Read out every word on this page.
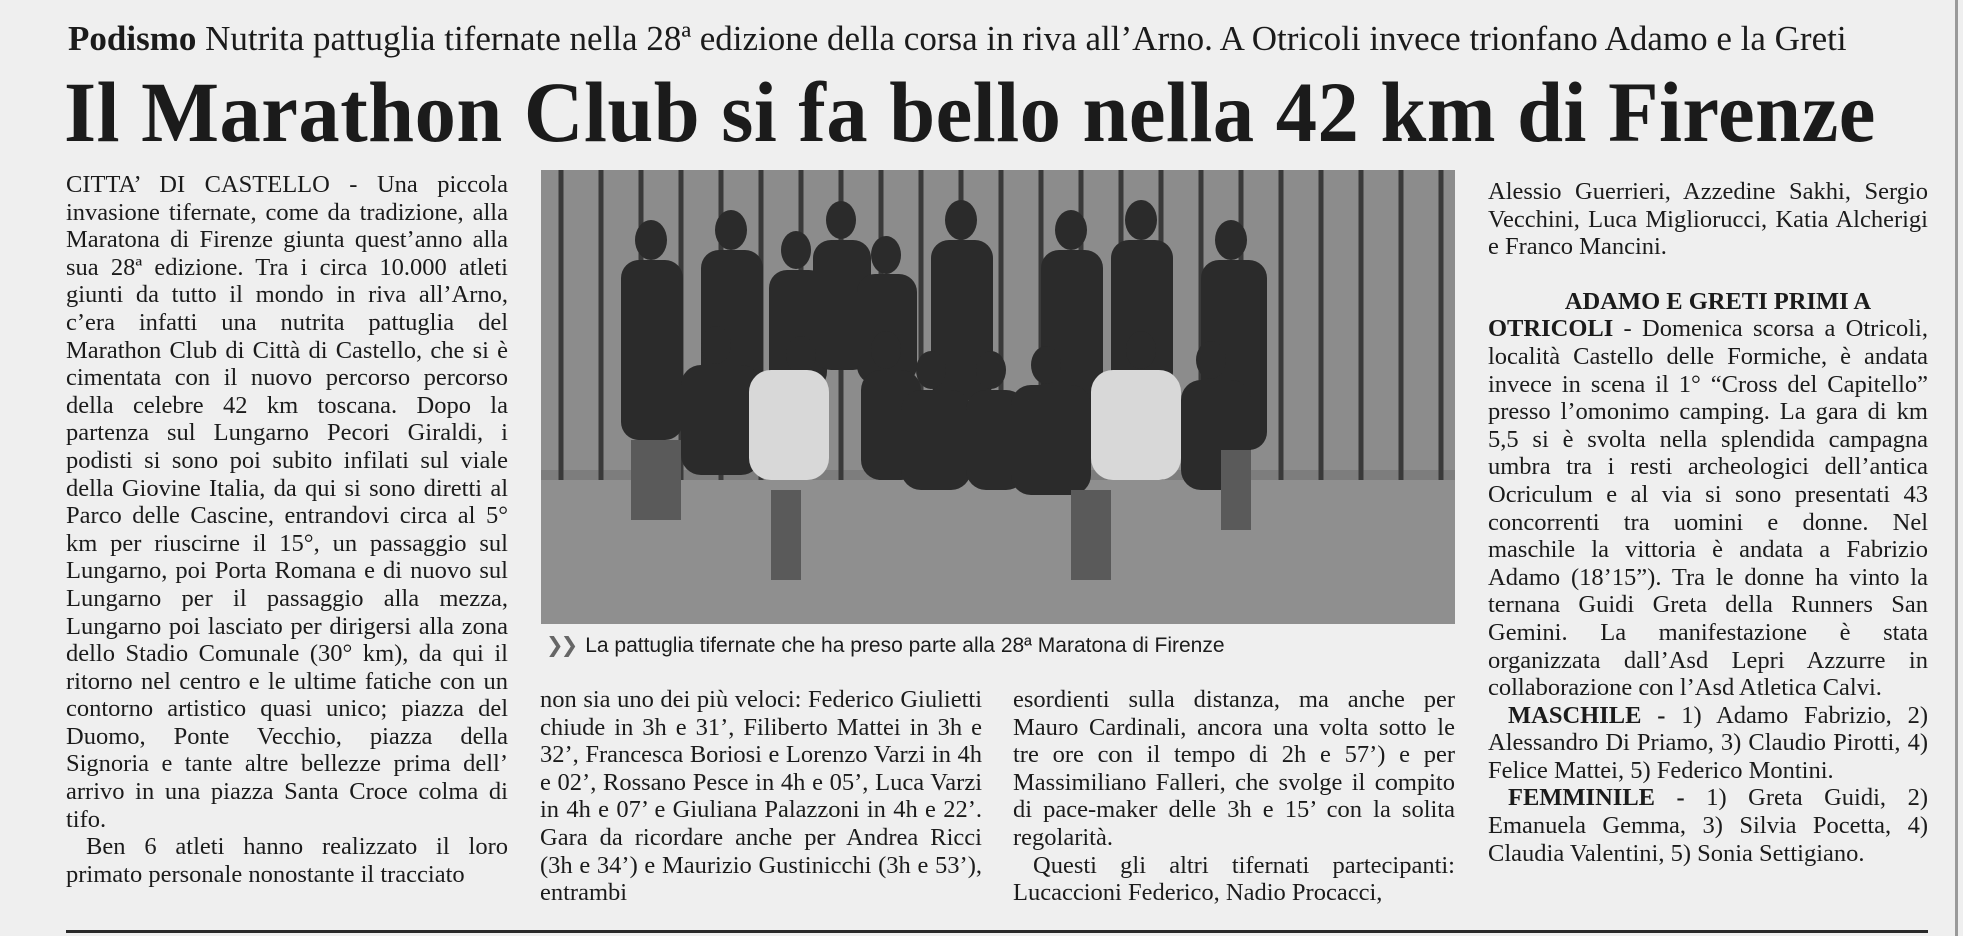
Podismo Nutrita pattuglia tifernate nella 28ª edizione della corsa in riva all’Arno. A Otricoli invece trionfano Adamo e la Greti
Il Marathon Club si fa bello nella 42 km di Firenze

CITTA’ DI CASTELLO - Una piccola invasione tifernate, come da tradizione, alla Maratona di Firenze giunta quest’anno alla sua 28ª edizione. Tra i circa 10.000 atleti giunti da tutto il mondo in riva all’Arno, c’era infatti una nutrita pattuglia del Marathon Club di Città di Castello, che si è cimentata con il nuovo percorso percorso della celebre 42 km toscana. Dopo la partenza sul Lungarno Pecori Giraldi, i podisti si sono poi subito infilati sul viale della Giovine Italia, da qui si sono diretti al Parco delle Cascine, entrandovi circa al 5° km per riuscirne il 15°, un passaggio sul Lungarno, poi Porta Romana e di nuovo sul Lungarno per il passaggio alla mezza, Lungarno poi lasciato per dirigersi alla zona dello Stadio Comunale (30° km), da qui il ritorno nel centro e le ultime fatiche con un contorno artistico quasi unico; piazza del Duomo, Ponte Vecchio, piazza della Signoria e tante altre bellezze prima dell’ arrivo in una piazza Santa Croce colma di tifo.

Ben 6 atleti hanno realizzato il loro primato personale nonostante il tracciato

❯❯ La pattuglia tifernate che ha preso parte alla 28ª Maratona di Firenze

non sia uno dei più veloci: Federico Giulietti chiude in 3h e 31’, Filiberto Mattei in 3h e 32’, Francesca Boriosi e Lorenzo Varzi in 4h e 02’, Rossano Pesce in 4h e 05’, Luca Varzi in 4h e 07’ e Giuliana Palazzoni in 4h e 22’. Gara da ricordare anche per Andrea Ricci (3h e 34’) e Maurizio Gustinicchi (3h e 53’), entrambi

esordienti sulla distanza, ma anche per Mauro Cardinali, ancora una volta sotto le tre ore con il tempo di 2h e 57’) e per Massimiliano Falleri, che svolge il compito di pace-maker delle 3h e 15’ con la solita regolarità.

Questi gli altri tifernati partecipanti: Lucaccioni Federico, Nadio Procacci,

Alessio Guerrieri, Azzedine Sakhi, Sergio Vecchini, Luca Migliorucci, Katia Alcherigi e Franco Mancini.

ADAMO E GRETI PRIMI A
OTRICOLI - Domenica scorsa a Otricoli, località Castello delle Formiche, è andata invece in scena il 1° “Cross del Capitello” presso l’omonimo camping. La gara di km 5,5 si è svolta nella splendida campagna umbra tra i resti archeologici dell’antica Ocriculum e al via si sono presentati 43 concorrenti tra uomini e donne. Nel maschile la vittoria è andata a Fabrizio Adamo (18’15”). Tra le donne ha vinto la ternana Guidi Greta della Runners San Gemini. La manifestazione è stata organizzata dall’Asd Lepri Azzurre in collaborazione con l’Asd Atletica Calvi.

MASCHILE - 1) Adamo Fabrizio, 2) Alessandro Di Priamo, 3) Claudio Pirotti, 4) Felice Mattei, 5) Federico Montini.

FEMMINILE - 1) Greta Guidi, 2) Emanuela Gemma, 3) Silvia Pocetta, 4) Claudia Valentini, 5) Sonia Settigiano.
